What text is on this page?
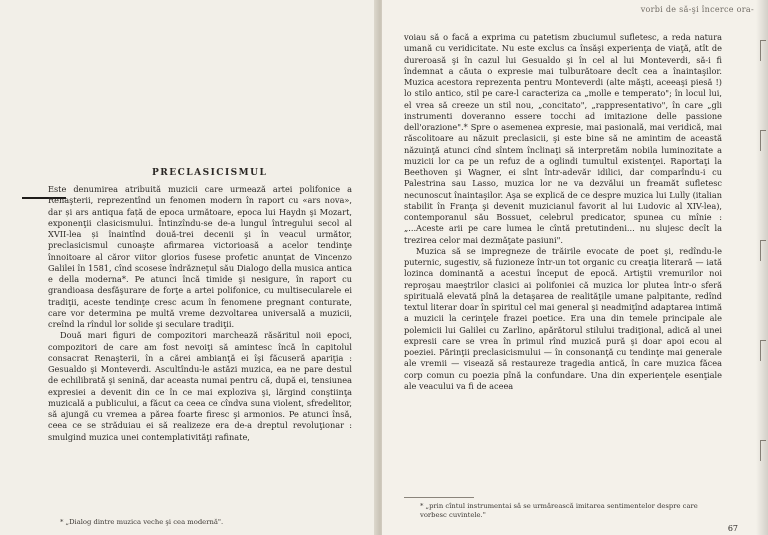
PRECLASICISMUL

Este denumirea atribuită muzicii care urmează artei polifonice a Renaşterii, reprezentînd un fenomen modern în raport cu «ars nova», dar și ars antiqua față de epoca următoare, epoca lui Haydn şi Mozart, exponenţii clasicismului. Întinzîndu-se de-a lungul întregului secol al XVII-lea și înaintînd două-trei decenii şi în veacul următor, preclasicismul cunoaşte afirmarea victorioasă a acelor tendinţe înnoitoare al căror viitor glorios fusese profetic anunţat de Vincenzo Galilei în 1581, cînd scosese îndrăzneţul său Dialogo della musica antica e della moderna*. Pe atunci încă timide şi nesigure, în raport cu grandioasa desfăşurare de forţe a artei polifonice, cu multisecularele ei tradiţii, aceste tendinţe cresc acum în fenomene pregnant conturate, care vor determina pe multă vreme dezvoltarea universală a muzicii, creînd la rîndul lor solide şi seculare tradiţii.

Două mari figuri de compozitori marchează răsăritul noii epoci, compozitori de care am fost nevoiţi să amintesc încă în capitolul consacrat Renaşterii, în a cărei ambianţă ei îşi făcuseră apariţia : Gesualdo şi Monteverdi. Ascultîndu-le astăzi muzica, ea ne pare destul de echilibrată şi senină, dar aceasta numai pentru că, după ei, tensiunea expresiei a devenit din ce în ce mai exploziva şi, lărgind conştiinţa muzicală a publicului, a făcut ca ceea ce cîndva suna violent, sfredelitor, să ajungă cu vremea a părea foarte firesc şi armonios. Pe atunci însă, ceea ce se străduiau ei să realizeze era de-a dreptul revoluţionar : smulgind muzica unei contemplativităţi rafinate,

* „Dialog dintre muzica veche şi cea modernă".
vorbi de să-şi încerce ora-

voiau să o facă a exprima cu patetism zbuciumul sufletesc, a reda natura umană cu veridicitate. Nu este exclus ca însăşi experienţa de viaţă, atît de dureroasă şi în cazul lui Gesualdo şi în cel al lui Monteverdi, să-i fi îndemnat a căuta o expresie mai tulburătoare decît cea a înaintaşilor. Muzica acestora reprezenta pentru Monteverdi (alte măşti, aceeaşi piesă !) lo stilo antico, stil pe care-l caracteriza ca „molle e temperato"; în locul lui, el vrea să creeze un stil nou, „concitato", „rappresentativo", în care „gli instrumenti doveranno essere tocchi ad imitazione delle passione dell'orazione".* Spre o asemenea expresie, mai pasională, mai veridică, mai răscolitoare au năzuit preclasicii, şi este bine să ne amintim de această năzuinţă atunci cînd sîntem înclinaţi să interpretăm nobila luminozitate a muzicii lor ca pe un refuz de a oglindi tumultul existenţei. Raportaţi la Beethoven şi Wagner, ei sînt într-adevăr idilici, dar comparîndu-i cu Palestrina sau Lasso, muzica lor ne va dezvălui un freamăt sufletesc necunoscut înaintaşilor. Aşa se explică de ce despre muzica lui Lully (italian stabilit în Franţa şi devenit muzicianul favorit al lui Ludovic al XIV-lea), contemporanul său Bossuet, celebrul predicator, spunea cu mînie : „...Aceste arii pe care lumea le cîntă pretutindeni... nu slujesc decît la trezirea celor mai dezmăţate pasiuni".

Muzica să se impregneze de trăirile evocate de poet şi, redîndu-le puternic, sugestiv, să fuzioneze într-un tot organic cu creaţia literară — iată lozinca dominantă a acestui început de epocă. Artiştii vremurilor noi reproşau maeştrilor clasici ai polifoniei că muzica lor plutea într-o sferă spirituală elevată pînă la detaşarea de realităţile umane palpitante, redînd textul literar doar în spiritul cel mai general şi neadmiţînd adaptarea intimă a muzicii la cerinţele frazei poetice. Era una din temele principale ale polemicii lui Galilei cu Zarlino, apărătorul stilului tradiţional, adică al unei expresii care se vrea în primul rînd muzică pură şi doar apoi ecou al poeziei. Părinţii preclasicismului — în consonanţă cu tendinţe mai generale ale vremii — visează să restaureze tragedia antică, în care muzica făcea corp comun cu poezia pînă la confundare. Una din experienţele esenţiale ale veacului va fi de aceea

* „prin cîntul instrumentai să se urmărească imitarea sentimentelor despre care vorbesc cuvintele."
67
